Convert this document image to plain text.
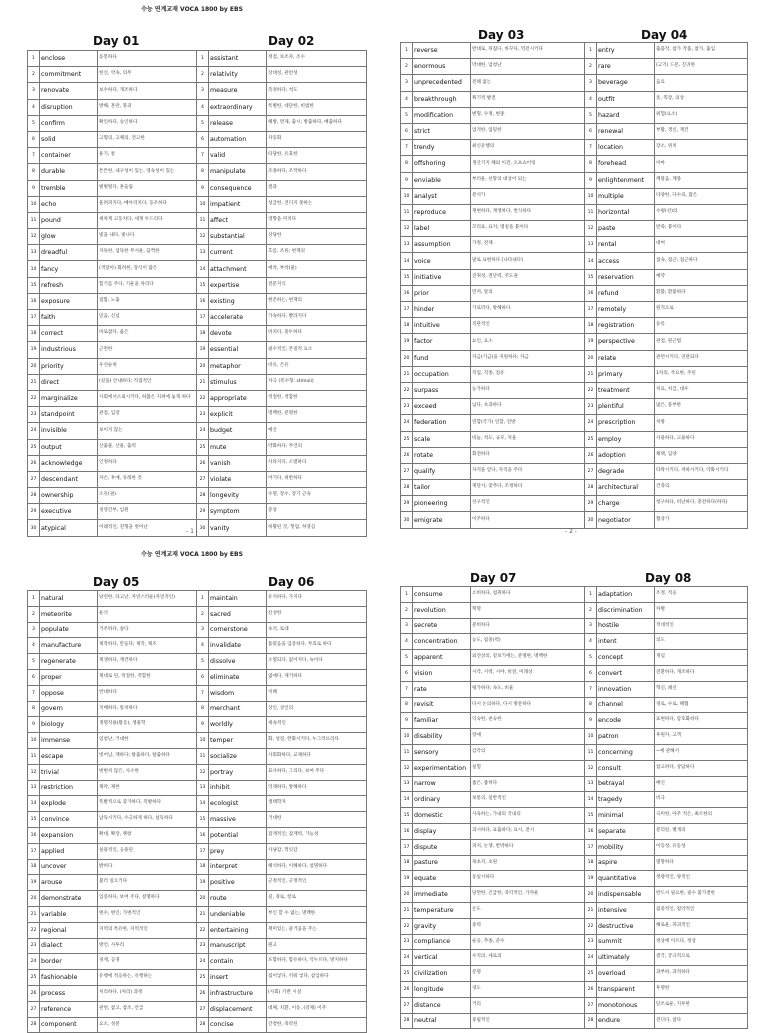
수능 연계교재 VOCA 1800 by EBS
Day 01	Day 02	Day 03	Day 04
1	enclose	동봉하다
2	commitment	헌신, 약속, 의무
3	renovate	보수하다, 개조하다
4	disruption	방해, 혼란, 붕괴
5	confirm	확인하다, 승인하다
6	solid	고형의, 고체의, 견고한
7	container	용기, 통
8	durable	튼튼한, 내구성이 있는, 영속성이 있는
9	tremble	벌벌떨다, 흔들림
10	echo	울려퍼지다, 메아리치다, 동조하다
11	pound	세차게 고동치다, 세게 두드리다
12	glow	빛을 내다, 빛나다
13	dreadful	지독한, 섬뜩한 무서운, 끔찍한
14	fancy	(색달아) 화려한, 장식이 많은
15	refresh	힘기를 주다, 기운을 차리다
16	exposure	접함, 노출
17	faith	믿음, 신념
18	correct	바로잡다, 옳은
19	industrious	근면한
20	priority	우선순위
21	direct	(길을) 안내하다; 직접적인
22	marginalize	사회에서소외시키다, 하찮은 지위에 놓게 하다
23	standpoint	관점, 입장
24	invisible	보이지 않는
25	output	산출물, 산물, 출력
26	acknowledge	인정하다
27	descendant	자손, 후예, 유래한 것
28	ownership	소유(권)
29	executive	경영간부, 임원
30	atypical	이례적인, 전형을 벗어난
1	assistant	정점, 보조자, 조수
2	relativity	상대성, 관련성
3	measure	측정하다; 척도
4	extraordinary	특별한, 대단한, 비범한
5	release	해방, 면제, 출시; 방출하다, 배출하다
6	automation	자동화
7	valid	타당한, 유효한
8	manipulate	조종하다, 조작하다
9	consequence	결과
10	impatient	성급한, 견디지 못하는
11	affect	영향을 미치다
12	substantial	상당한
13	current	흐름, 조류; 현재의
14	attachment	애착, 부착(물)
15	expertise	전문지식
16	existing	현존하는, 현재의
17	accelerate	가속하다, 빨라지다
18	devote	바치다, 몰두하다
19	essential	필수적인, 본질적 요소
20	metaphor	비유, 은유
21	stimulus	자극 (복수형: stimuli)
22	appropriate	적절한, 적합한
23	explicit	명백한, 분명한
24	budget	예산
25	mute	약화하다; 무언의
26	vanish	사라지다, 소멸하다
27	violate	어기다, 위반하다
28	longevity	수명, 장수, 장기 근속
29	symptom	증상
30	vanity	허황된 것, 헛됨, 허영심
1	reverse	반대로, 뒤집다, 바꾸다, 역전시키다
2	enormous	막대한, 엄청난
3	unprecedented	전례 없는
4	breakthrough	획기적 발전
5	modification	변형, 수정, 변종
6	strict	엄격한, 엄밀한
7	trendy	최신유행의
8	offshoring	생산기지 해외 이전, 오프쇼어링
9	enviable	부러운, 선망의 대상이 되는
10	analyst	분석가
11	reproduce	재현하다, 재생하다, 번식하다
12	label	꼬리표, 표지; 명칭을 붙이다
13	assumption	가정, 전제
14	voice	말로 표현하다 [나타내다]
15	initiative	진취성, 결단력, 주도권
16	prior	먼저, 앞의
17	hinder	가로막다, 방해하다
18	intuitive	직관적인
19	factor	요인, 요소
20	fund	자금(기금)을 지원하다; 자금
21	occupation	직업, 직종, 점유
22	surpass	능가하다
23	exceed	넘다, 초과하다
24	federation	연합(국가) 연합, 연방
25	scale	비늘, 척도, 규모, 저울
26	rotate	회전하다
27	qualify	자격을 얻다, 자격을 주다
28	tailor	재단사; 맞추다, 조정하다
29	pioneering	선구적인
30	emigrate	이주하다
1	entry	출품작, 참가 작품, 참가, 출입
2	rare	(고기) 드문, 진귀한
3	beverage	음료
4	outfit	옷, 복장, 의상
5	hazard	위험(요소)
6	renewal	부활, 갱신, 재건
7	location	장소, 위치
8	forehead	이마
9	enlightenment	깨달음, 계몽
10	multiple	다양한, 다수의, 많은
11	horizontal	수평(선)의
12	paste	반죽; 붙이다
13	rental	대여
14	access	접속, 접근; 접근하다
15	reservation	예약
16	refund	환불; 환불하다
17	remotely	원격으로
18	registration	등록
19	perspective	관점, 원근법
20	relate	관련시키다, 연관되다
21	primary	1차의, 주요한, 주된
22	treatment	치료, 처급, 대우
23	plentiful	많은, 풍부한
24	prescription	처방
25	employ	사용하다, 고용하다
26	adoption	채택, 입양
27	degrade	타락시키다, 저하시키다, 악화시키다
28	architectural	건축의
29	charge	청구하다, 비난하다, 충전하다(하다)
30	negotiator	협상가
- 1 -	- 2 -
수능 연계교재 VOCA 1800 by EBS
Day 05	Day 06	Day 07	Day 08
1	natural	당연한, 타고난, 자연스러운(자연적인)
2	meteorite	운석
3	populate	거주하다, 살다
4	manufacture	제작하다, 만들다; 제작, 제조
5	regenerate	재생하다, 재건하다
6	proper	제대로 된, 적절한, 적합한
7	oppose	반대하다
8	govern	지배하다, 통치하다
9	biology	생명작용(활동), 생물학
10	immense	엄청난, 거대한
11	escape	벗어남, 재하다; 탈출하다, 탈출하다
12	trivial	변변치 않은, 사소한
13	restriction	제약, 제한
14	explode	폭발적으로 증가하다, 폭발하다
15	convince	납득시키다, 수긍하게 하다, 설득하다
16	expansion	확대, 확장, 팽창
17	applied	실용적인, 응용된
18	uncover	밝히다
19	arouse	불러 일으키다
20	demonstrate	입증하다, 보여 주다, 설명하다
21	variable	변수, 변인; 가변적인
22	regional	지역의 특유한, 지역적인
23	dialect	방언, 사투리
24	border	경계, 공경
25	fashionable	유행에 적응하는, 유행하는
26	process	처리하다, (처리) 과정
27	reference	관련, 참고, 참조, 언급
28	component	요소, 성분
1	maintain	유지하다, 가지다
2	sacred	신성한
3	cornerstone	초석, 토대
4	invalidate	틀렸음을 입증하다, 무효로 하다
5	dissolve	소멸되다, 없어지다, 녹이다
6	eliminate	없애다, 제거하다
7	wisdom	지혜
8	merchant	상인, 상인의
9	worldly	세속적인
10	temper	화, 성질, 완화시키다, 누그러뜨리다
11	socialize	사회화하다, 교제하다
12	portray	묘사하다, 그리다, 보여 주다
13	inhibit	억제하다, 방해하다
14	ecologist	생태학자
15	massive	거대한
16	potential	잠재적인; 잠재력, 가능성
17	prey	사냥감, 먹잇감
18	interpret	해석하다, 이해하다, 설명하다
19	positive	긍정적인, 긍정적인
20	route	길, 경로, 항로
21	undeniable	부인 할 수 없는, 명백한
22	entertaining	재미있는, 즐거움을 주는
23	manuscript	원고
24	contain	포함하다, 함유하다, 억누르다, 방지하다
25	insert	집어넣다, 끼워 넣다, 삽입하다
26	infrastructure	(사회) 기반 시설
27	displacement	대체, 치환, 이동, (강제) 이주
28	concise	간결한, 축약된
1	consume	소비하다, 섭취하다
2	revolution	혁명
3	secrete	분비하다
4	concentration	농도, 집중(력)
5	apparent	외견상의, 겉보기에는, 분명한, 명백한
6	vision	시각, 시력, 시야, 비전, 미래상
7	rate	평가하다; 속도, 비율
8	revisit	다시 논의하다, 다시 방문하다
9	familiar	익숙한, 친숙한
10	disability	장애
11	sensory	감각의
12	experimentation	실험
13	narrow	좁은, 좁히다
14	ordinary	보통의, 일반적인
15	domestic	사육하는, 가내의 국내의
16	display	과시하다, 표출하다; 표시, 전시
17	dispute	퍼져, 논쟁, 반박하다
18	pasture	목초지, 초원
19	equate	동일시하다
20	immediate	당면한, 긴급한, 즉각적인, 가까운
21	temperature	온도
22	gravity	중력
23	compliance	순응, 추종, 준수
24	vertical	수직의, 세로의
25	civilization	문명
26	longitude	경도
27	distance	거리
28	neutral	중립적인
1	adaptation	조정, 적응
2	discrimination	차별
3	hostile	적대적인
4	intent	의도
5	concept	개념
6	convert	전환하다, 개조하다
7	innovation	혁신, 쇄신
8	channel	경로, 수로, 해협
9	encode	표현하다, 암호화하다
10	patron	후원자, 고객
11	concerning	~에 관해서
12	consult	참고하다, 상담하다
13	betrayal	배신
14	tragedy	비극
15	minimal	극미한, 아주 적은, 최소한의
16	separate	분리된, 별개의
17	mobility	이동성, 유동성
18	aspire	열망하다
19	quantitative	정량적인, 양적인
20	indispensable	반드시 필요한, 필수 불가결한
21	intensive	집중적인, 집약적인
22	destructive	해로운, 파괴적인
23	summit	정상에 이르다, 정상
24	ultimately	결국, 궁극적으로
25	overload	과부하, 과적하다
26	transparent	투명한
27	monotonous	단조로운, 지루한
28	endure	견디다, 참다
